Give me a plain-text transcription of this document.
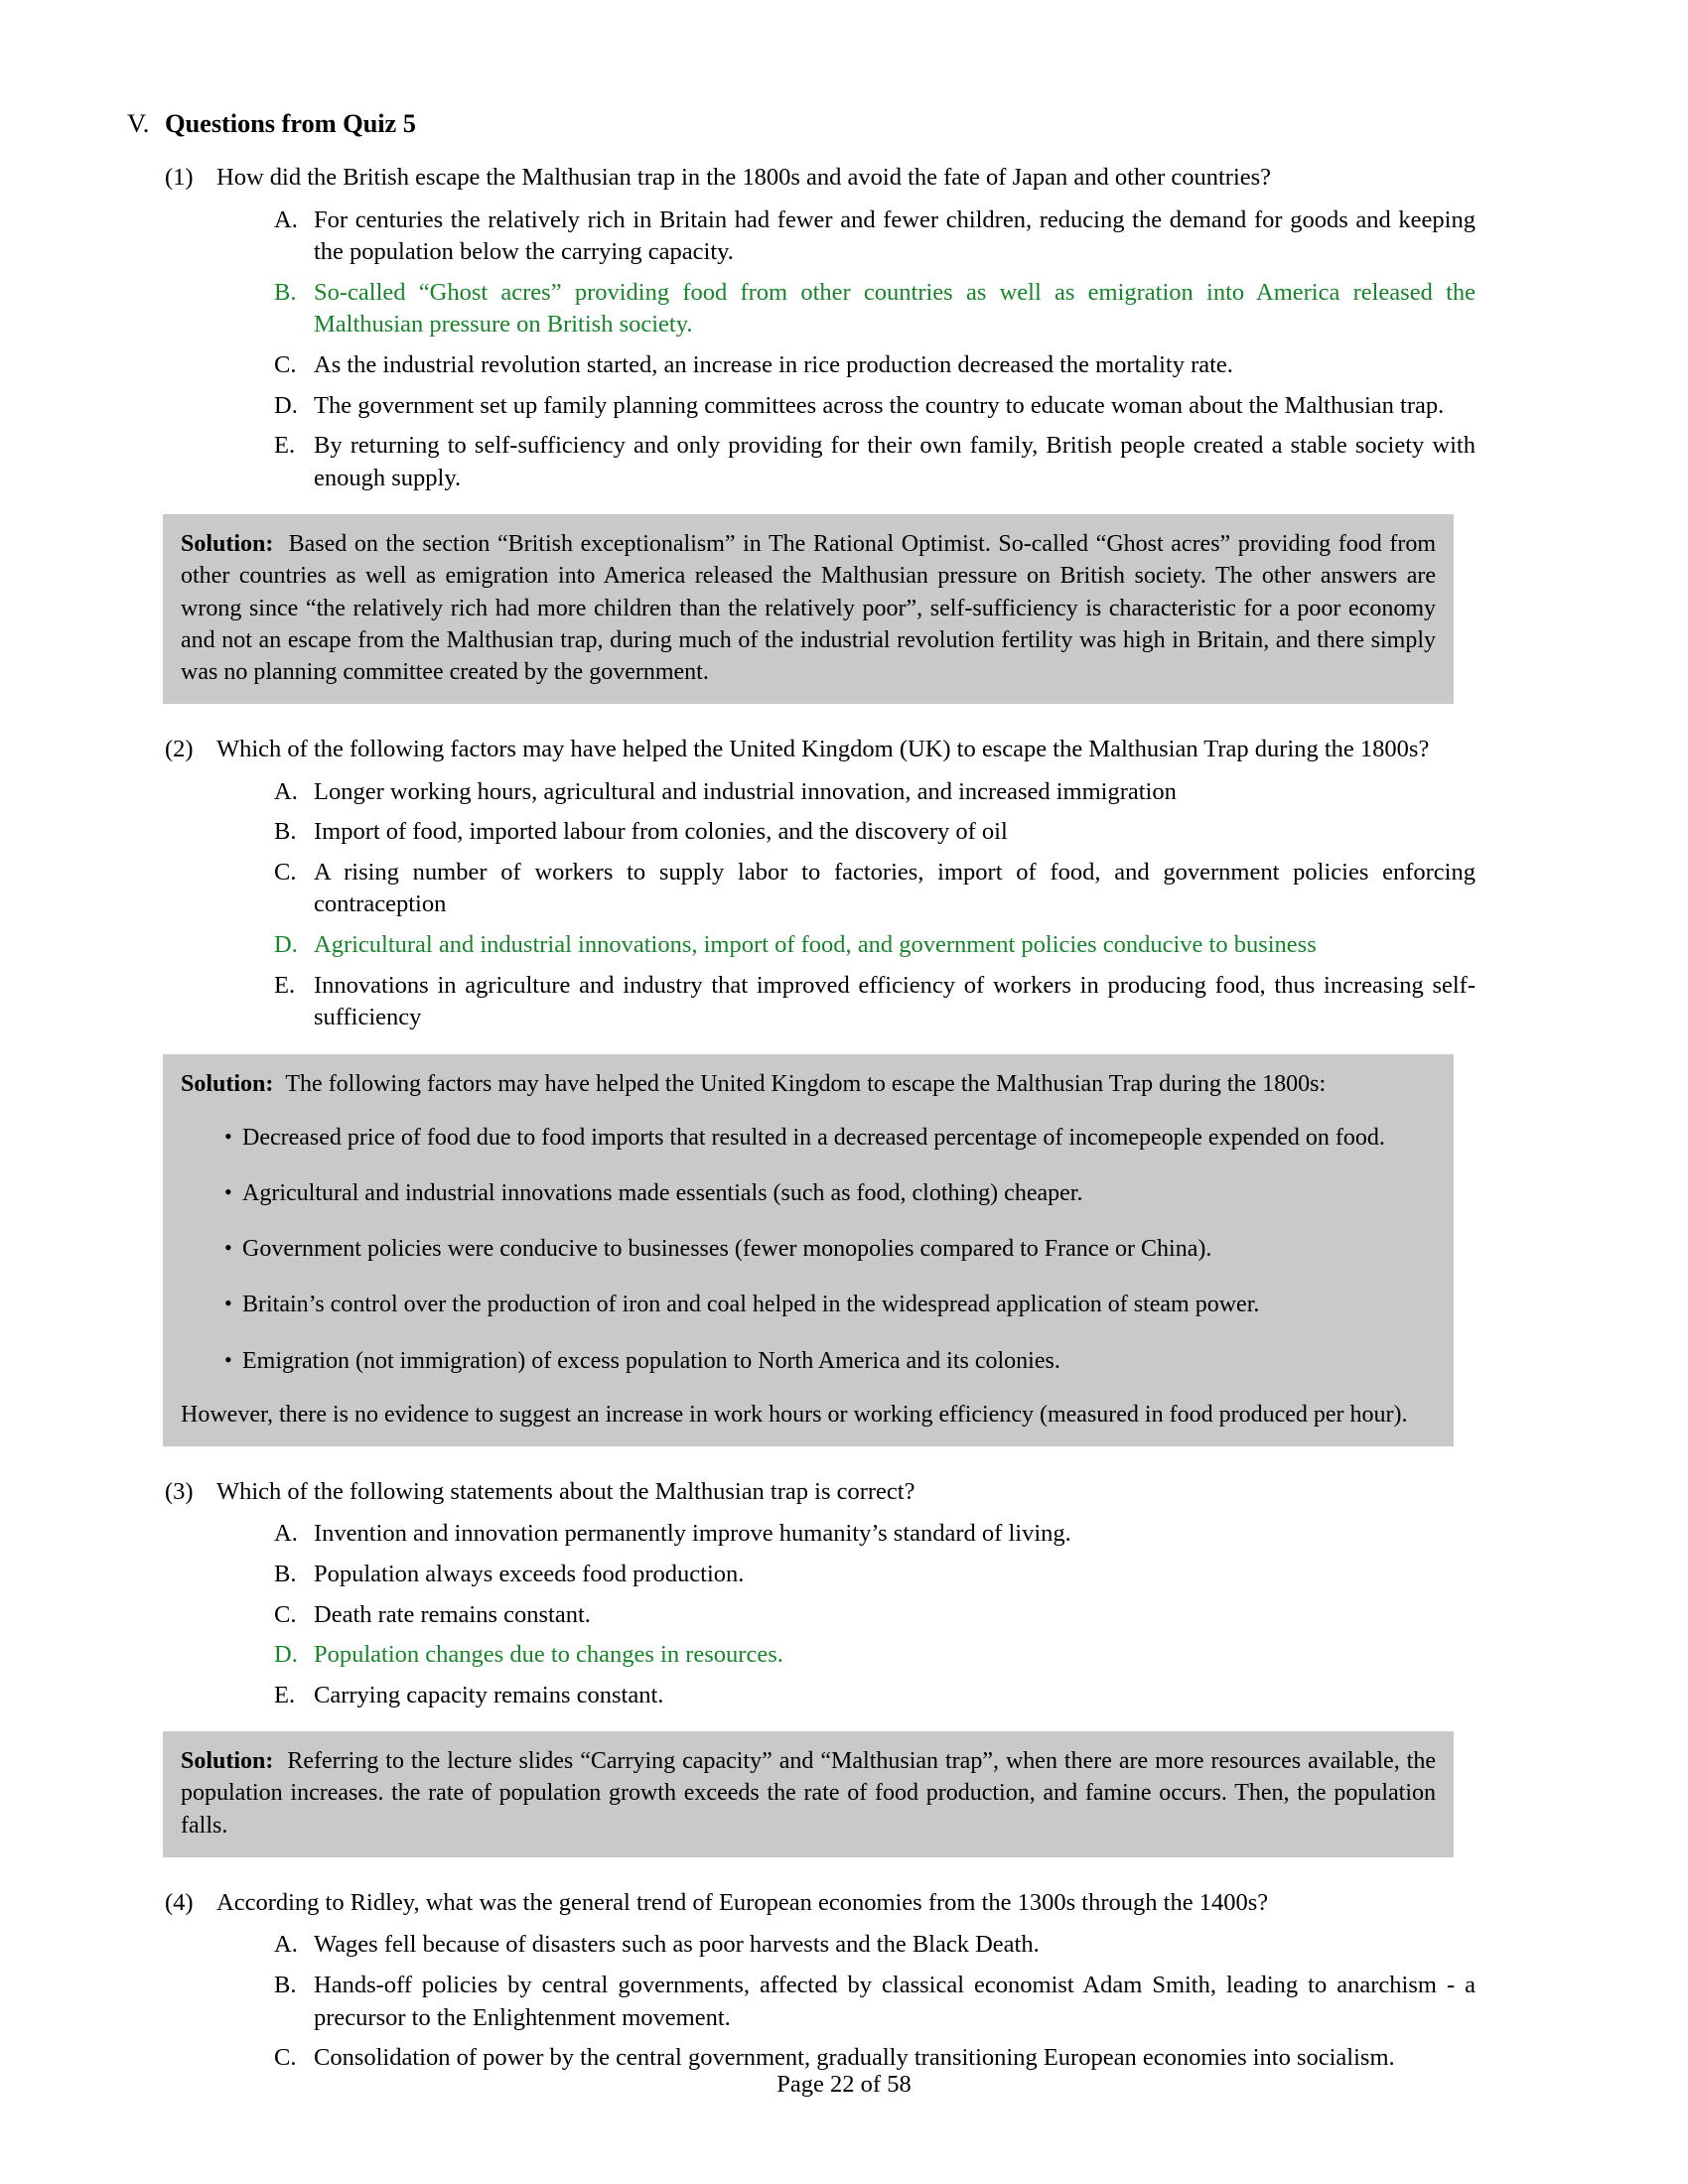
V. Questions from Quiz 5
(1) How did the British escape the Malthusian trap in the 1800s and avoid the fate of Japan and other countries?
A. For centuries the relatively rich in Britain had fewer and fewer children, reducing the demand for goods and keeping the population below the carrying capacity.
B. So-called “Ghost acres” providing food from other countries as well as emigration into America released the Malthusian pressure on British society.
C. As the industrial revolution started, an increase in rice production decreased the mortality rate.
D. The government set up family planning committees across the country to educate woman about the Malthusian trap.
E. By returning to self-sufficiency and only providing for their own family, British people created a stable society with enough supply.

Solution: Based on the section “British exceptionalism” in The Rational Optimist. So-called “Ghost acres” providing food from other countries as well as emigration into America released the Malthusian pressure on British society. The other answers are wrong since “the relatively rich had more children than the relatively poor”, self-sufficiency is characteristic for a poor economy and not an escape from the Malthusian trap, during much of the industrial revolution fertility was high in Britain, and there simply was no planning committee created by the government.

(2) Which of the following factors may have helped the United Kingdom (UK) to escape the Malthusian Trap during the 1800s?
A. Longer working hours, agricultural and industrial innovation, and increased immigration
B. Import of food, imported labour from colonies, and the discovery of oil
C. A rising number of workers to supply labor to factories, import of food, and government policies enforcing contraception
D. Agricultural and industrial innovations, import of food, and government policies conducive to business
E. Innovations in agriculture and industry that improved efficiency of workers in producing food, thus increasing self-sufficiency

Solution: The following factors may have helped the United Kingdom to escape the Malthusian Trap during the 1800s:

• Decreased price of food due to food imports that resulted in a decreased percentage of incomepeople expended on food.
• Agricultural and industrial innovations made essentials (such as food, clothing) cheaper.
• Government policies were conducive to businesses (fewer monopolies compared to France or China).
• Britain’s control over the production of iron and coal helped in the widespread application of steam power.
• Emigration (not immigration) of excess population to North America and its colonies.

However, there is no evidence to suggest an increase in work hours or working efficiency (measured in food produced per hour).

(3) Which of the following statements about the Malthusian trap is correct?
A. Invention and innovation permanently improve humanity’s standard of living.
B. Population always exceeds food production.
C. Death rate remains constant.
D. Population changes due to changes in resources.
E. Carrying capacity remains constant.

Solution: Referring to the lecture slides “Carrying capacity” and “Malthusian trap”, when there are more resources available, the population increases. the rate of population growth exceeds the rate of food production, and famine occurs. Then, the population falls.

(4) According to Ridley, what was the general trend of European economies from the 1300s through the 1400s?
A. Wages fell because of disasters such as poor harvests and the Black Death.
B. Hands-off policies by central governments, affected by classical economist Adam Smith, leading to anarchism - a precursor to the Enlightenment movement.
C. Consolidation of power by the central government, gradually transitioning European economies into socialism.
Page 22 of 58
